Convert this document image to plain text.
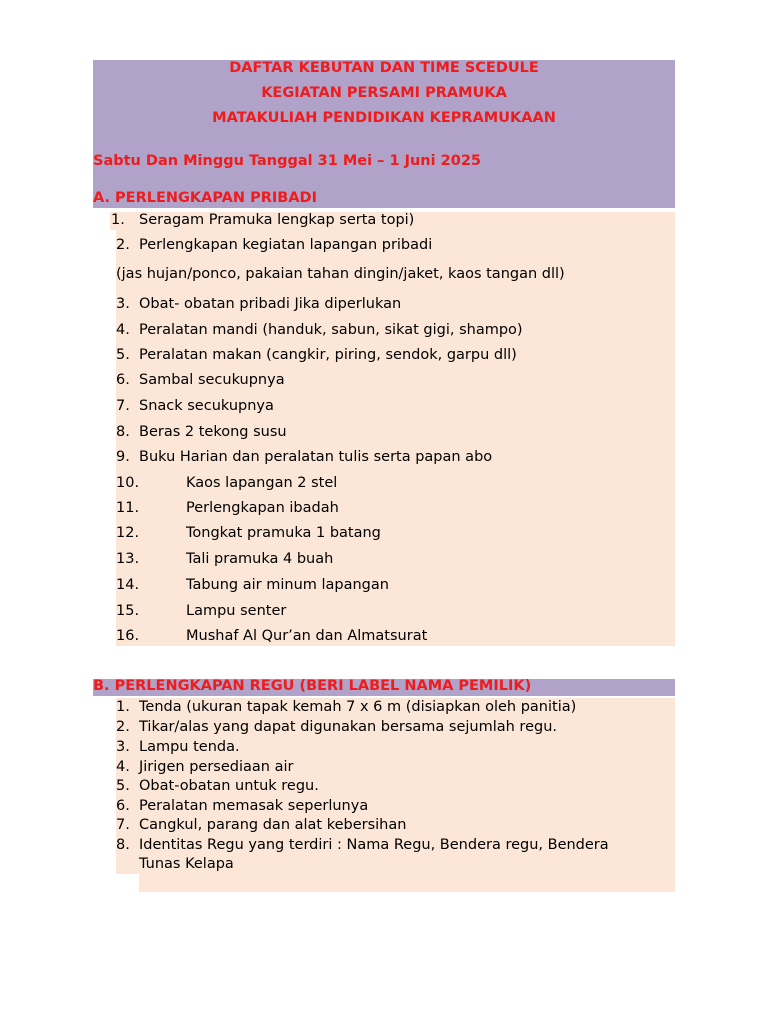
DAFTAR KEBUTAN DAN TIME SCEDULE
KEGIATAN PERSAMI PRAMUKA
MATAKULIAH PENDIDIKAN KEPRAMUKAAN
Sabtu Dan Minggu Tanggal 31 Mei – 1 Juni 2025
A. PERLENGKAPAN PRIBADI
1. Seragam Pramuka lengkap serta topi)
2. Perlengkapan kegiatan lapangan pribadi
(jas hujan/ponco, pakaian tahan dingin/jaket, kaos tangan dll)
3. Obat- obatan pribadi Jika diperlukan
4. Peralatan mandi (handuk, sabun, sikat gigi, shampo)
5. Peralatan makan (cangkir, piring, sendok, garpu dll)
6. Sambal secukupnya
7. Snack secukupnya
8. Beras 2 tekong susu
9. Buku Harian dan peralatan tulis serta papan abo
10.	Kaos lapangan 2 stel
11.	Perlengkapan ibadah
12.	Tongkat pramuka 1 batang
13.	Tali pramuka 4 buah
14.	Tabung air minum lapangan
15.	Lampu senter
16.	Mushaf Al Qur’an dan Almatsurat
B. PERLENGKAPAN REGU (BERI LABEL NAMA PEMILIK)
1. Tenda (ukuran tapak kemah 7 x 6 m (disiapkan oleh panitia)
2. Tikar/alas yang dapat digunakan bersama sejumlah regu.
3. Lampu tenda.
4. Jirigen persediaan air
5. Obat-obatan untuk regu.
6. Peralatan memasak seperlunya
7. Cangkul, parang dan alat kebersihan
8. Identitas Regu yang terdiri : Nama Regu, Bendera regu, Bendera
Tunas Kelapa
